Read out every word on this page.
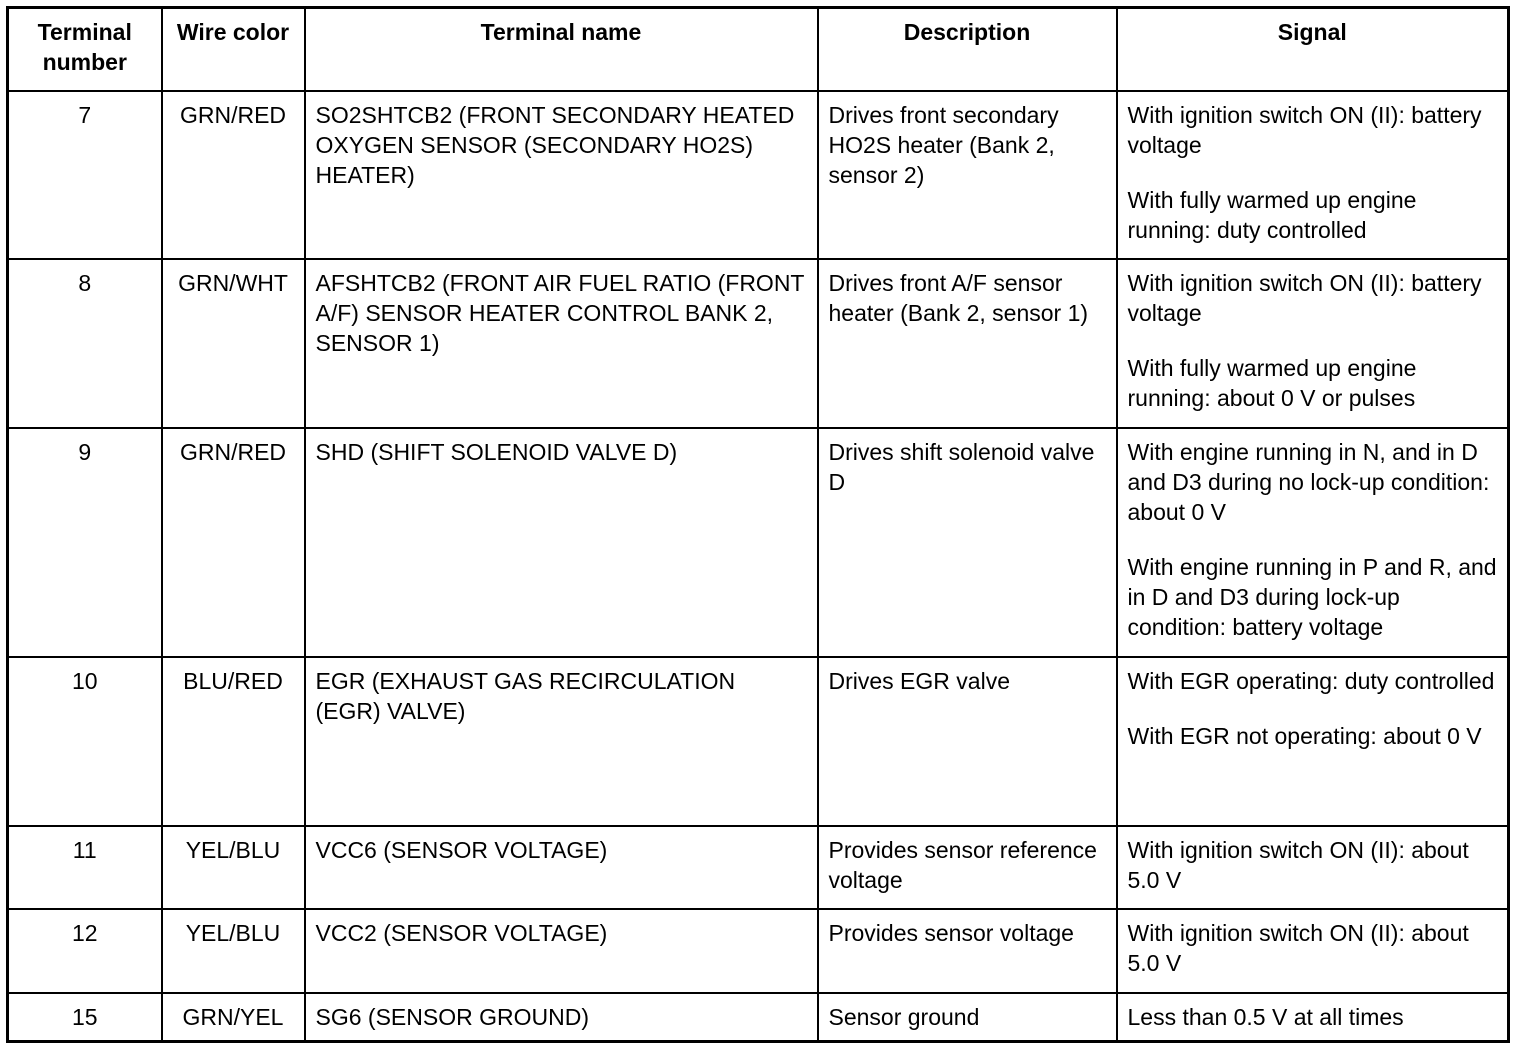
Terminal number	Wire color	Terminal name	Description	Signal
7	GRN/RED	SO2SHTCB2 (FRONT SECONDARY HEATED OXYGEN SENSOR (SECONDARY HO2S) HEATER)	Drives front secondary HO2S heater (Bank 2, sensor 2)	With ignition switch ON (II): battery voltage
With fully warmed up engine running: duty controlled

8	GRN/WHT	AFSHTCB2 (FRONT AIR FUEL RATIO (FRONT A/F) SENSOR HEATER CONTROL BANK 2, SENSOR 1)	Drives front A/F sensor heater (Bank 2, sensor 1)	With ignition switch ON (II): battery voltage
With fully warmed up engine running: about 0 V or pulses

9	GRN/RED	SHD (SHIFT SOLENOID VALVE D)	Drives shift solenoid valve D	With engine running in N, and in D and D3 during no lock-up condition: about 0 V
With engine running in P and R, and in D and D3 during lock-up condition: battery voltage

10	BLU/RED	EGR (EXHAUST GAS RECIRCULATION (EGR) VALVE)	Drives EGR valve	With EGR operating: duty controlled
With EGR not operating: about 0 V

11	YEL/BLU	VCC6 (SENSOR VOLTAGE)	Provides sensor reference voltage	With ignition switch ON (II): about 5.0 V

12	YEL/BLU	VCC2 (SENSOR VOLTAGE)	Provides sensor voltage	With ignition switch ON (II): about 5.0 V

15	GRN/YEL	SG6 (SENSOR GROUND)	Sensor ground	Less than 0.5 V at all times
